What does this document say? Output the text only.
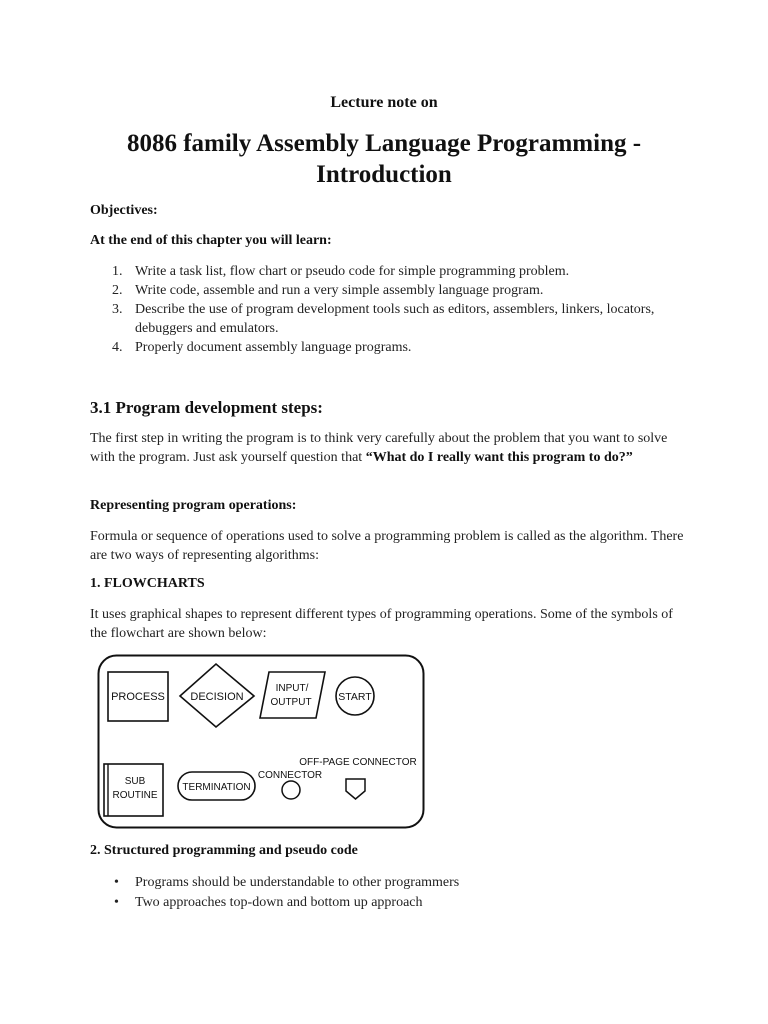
Lecture note on
8086 family Assembly Language Programming -
Introduction
Objectives:
At the end of this chapter you will learn:
1. Write a task list, flow chart or pseudo code for simple programming problem.
2. Write code, assemble and run a very simple assembly language program.
3. Describe the use of program development tools such as editors, assemblers, linkers, locators, debuggers and emulators.
4. Properly document assembly language programs.
3.1 Program development steps:
The first step in writing the program is to think very carefully about the problem that you want to solve with the program. Just ask yourself question that “What do I really want this program to do?”
Representing program operations:
Formula or sequence of operations used to solve a programming problem is called as the algorithm. There are two ways of representing algorithms:
1. FLOWCHARTS
It uses graphical shapes to represent different types of programming operations. Some of the symbols of the flowchart are shown below:
PROCESS DECISION
INPUT/
OUTPUT	START
SUB
ROUTINE
TERMINATION
CONNECTOR
OFF-PAGE CONNECTOR
2. Structured programming and pseudo code
• Programs should be understandable to other programmers
• Two approaches top-down and bottom up approach
